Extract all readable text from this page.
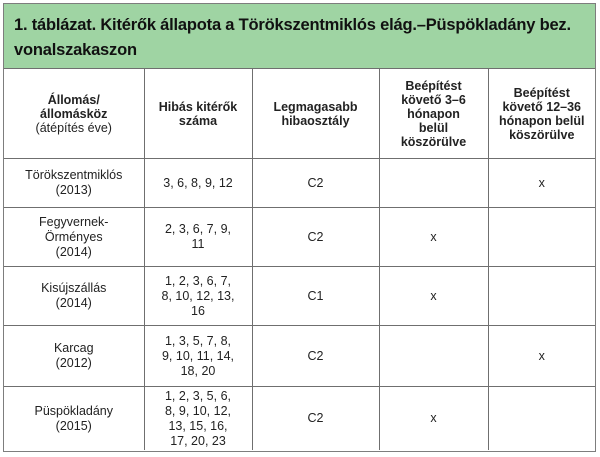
1. táblázat. Kitérők állapota a Törökszentmiklós elág.–Püspökladány bez.
vonalszakaszon
Állomás/
állomásköz
(átépítés éve)	Hibás kitérők
száma	Legmagasabb
hibaosztály	Beépítést
követő 3–6
hónapon
belül
köszörülve	Beépítést
követő 12–36
hónapon belül
köszörülve

Törökszentmiklós
(2013)	3, 6, 8, 9, 12	C2		x

Fegyvernek-
Örményes
(2014)	2, 3, 6, 7, 9,
11	C2	x	

Kisújszállás
(2014)	1, 2, 3, 6, 7,
8, 10, 12, 13,
16	C1	x	

Karcag
(2012)	1, 3, 5, 7, 8,
9, 10, 11, 14,
18, 20	C2		x

Püspökladány
(2015)	1, 2, 3, 5, 6,
8, 9, 10, 12,
13, 15, 16,
17, 20, 23	C2	x	
